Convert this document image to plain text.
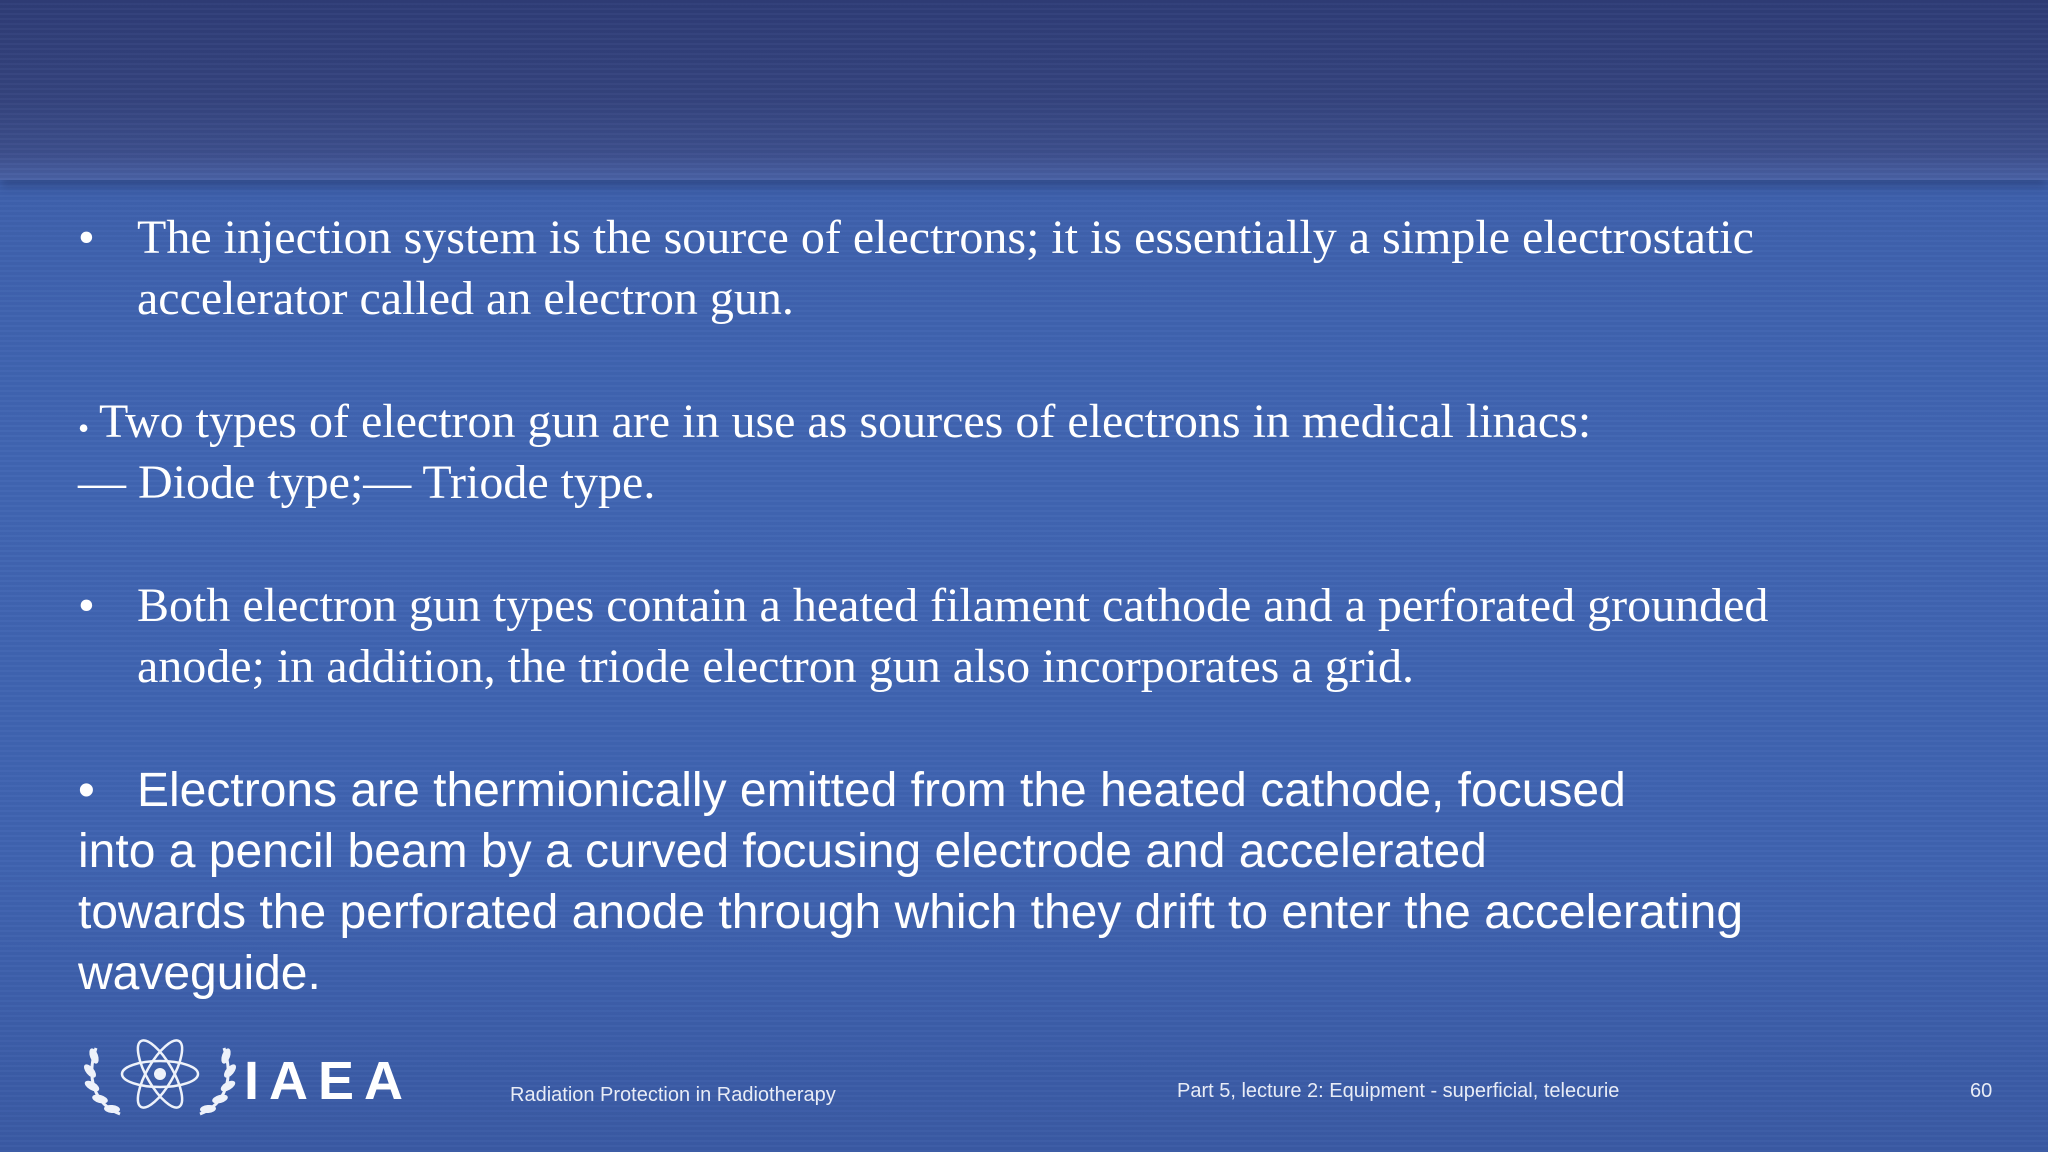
• The injection system is the source of electrons; it is essentially a simple electrostatic
accelerator called an electron gun.
• Two types of electron gun are in use as sources of electrons in medical linacs:
— Diode type;— Triode type.
• Both electron gun types contain a heated filament cathode and a perforated grounded
anode; in addition, the triode electron gun also incorporates a grid.
• Electrons are thermionically emitted from the heated cathode, focused
into a pencil beam by a curved focusing electrode and accelerated
towards the perforated anode through which they drift to enter the accelerating
waveguide.
IAEA	Radiation Protection in Radiotherapy	Part 5, lecture 2: Equipment - superficial, telecurie	60
